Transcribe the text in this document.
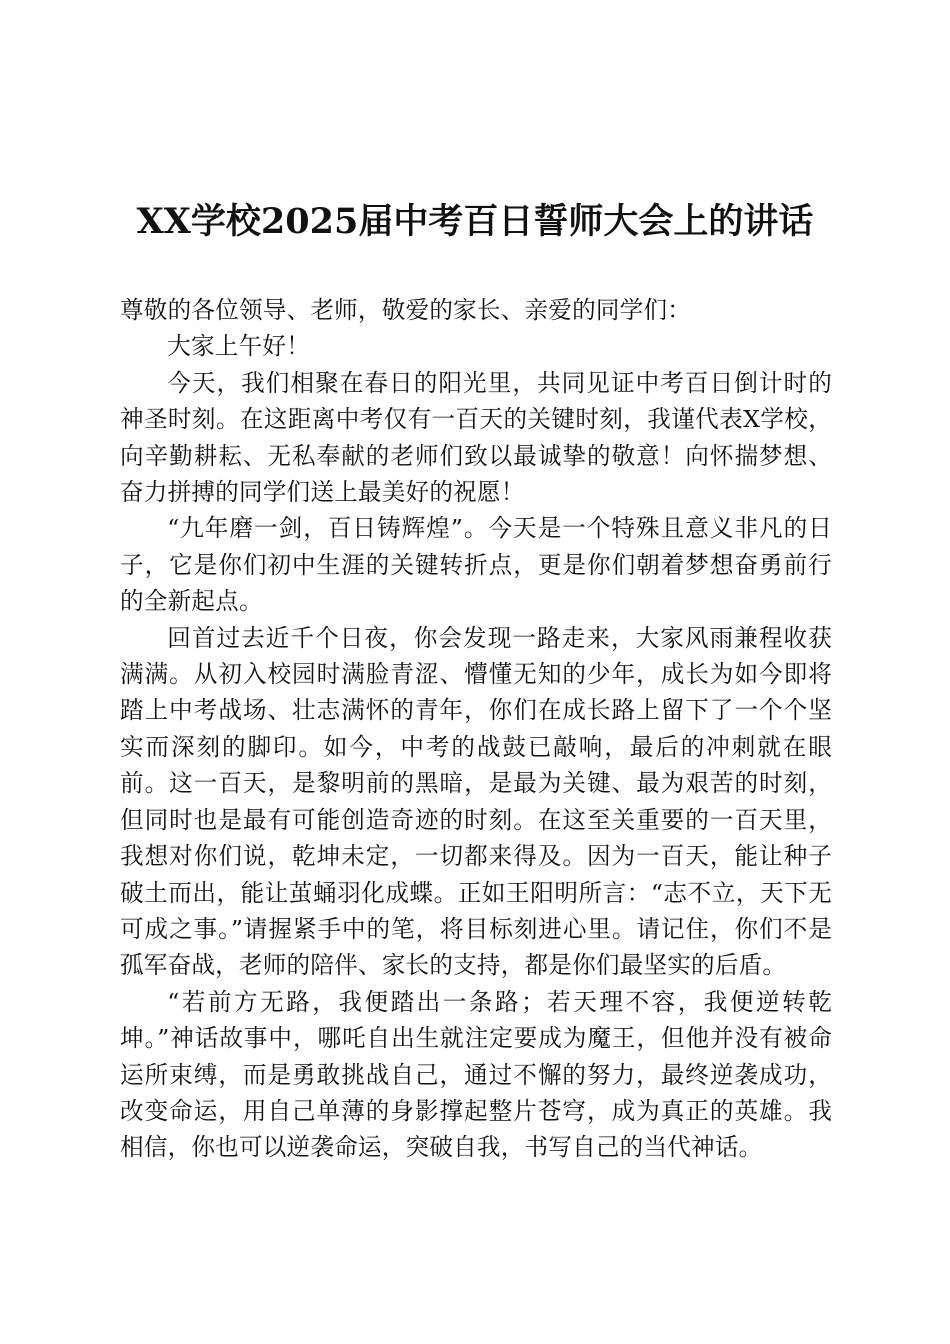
XX学校2025届中考百日誓师大会上的讲话

尊敬的各位领导、老师，敬爱的家长、亲爱的同学们：

大家上午好！

今天，我们相聚在春日的阳光里，共同见证中考百日倒计时的神圣时刻。在这距离中考仅有一百天的关键时刻，我谨代表X学校，向辛勤耕耘、无私奉献的老师们致以最诚挚的敬意！向怀揣梦想、奋力拼搏的同学们送上最美好的祝愿！

“九年磨一剑，百日铸辉煌”。今天是一个特殊且意义非凡的日子，它是你们初中生涯的关键转折点，更是你们朝着梦想奋勇前行的全新起点。

回首过去近千个日夜，你会发现一路走来，大家风雨兼程收获满满。从初入校园时满脸青涩、懵懂无知的少年，成长为如今即将踏上中考战场、壮志满怀的青年，你们在成长路上留下了一个个坚实而深刻的脚印。如今，中考的战鼓已敲响，最后的冲刺就在眼前。这一百天，是黎明前的黑暗，是最为关键、最为艰苦的时刻，但同时也是最有可能创造奇迹的时刻。在这至关重要的一百天里，我想对你们说，乾坤未定，一切都来得及。因为一百天，能让种子破土而出，能让茧蛹羽化成蝶。正如王阳明所言：“志不立，天下无可成之事。”请握紧手中的笔，将目标刻进心里。请记住，你们不是孤军奋战，老师的陪伴、家长的支持，都是你们最坚实的后盾。

“若前方无路，我便踏出一条路；若天理不容，我便逆转乾坤。”神话故事中，哪吒自出生就注定要成为魔王，但他并没有被命运所束缚，而是勇敢挑战自己，通过不懈的努力，最终逆袭成功，改变命运，用自己单薄的身影撑起整片苍穹，成为真正的英雄。我相信，你也可以逆袭命运，突破自我，书写自己的当代神话。
